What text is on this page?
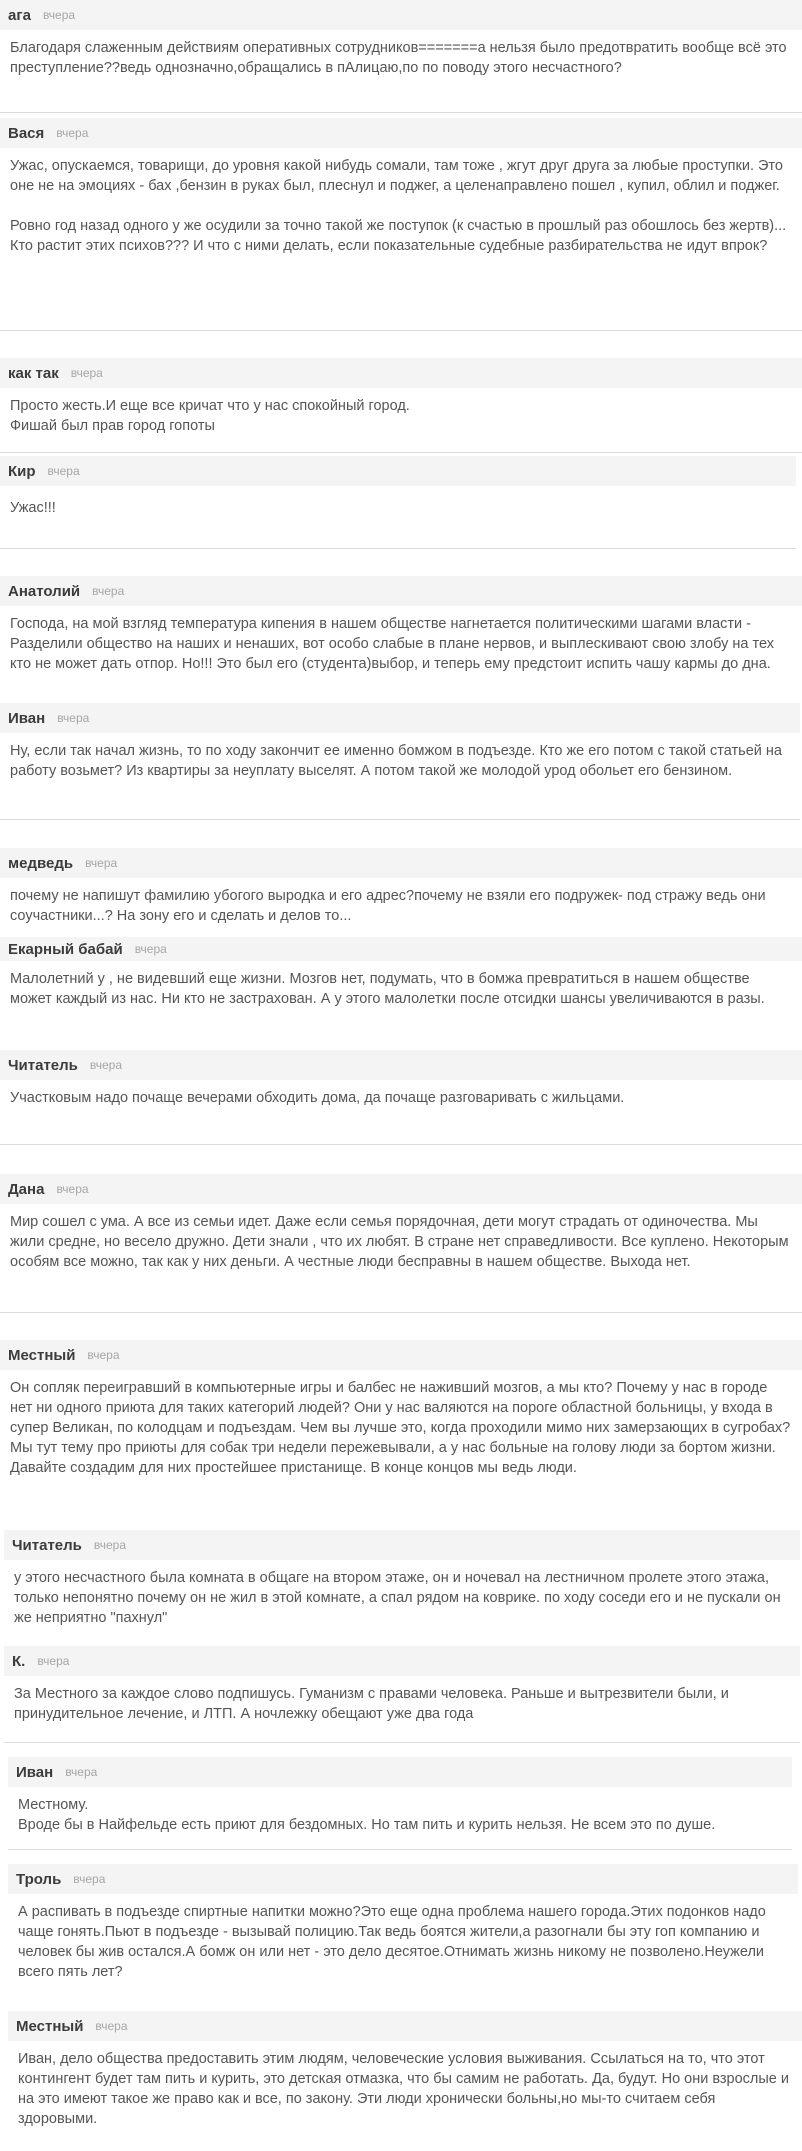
ага вчера
Благодаря слаженным действиям оперативных сотрудников=======а нельзя было предотвратить вообще всё это преступление??ведь однозначно,обращались в пАлицаю,по по поводу этого несчастного?
Вася вчера
Ужас, опускаемся, товарищи, до уровня какой нибудь сомали, там тоже , жгут друг друга за любые проступки. Это оне не на эмоциях - бах ,бензин в руках был, плеснул и поджег, а целенаправлено пошел , купил, облил и поджег.

Ровно год назад одного у же осудили за точно такой же поступок (к счастью в прошлый раз обошлось без жертв)... Кто растит этих психов??? И что с ними делать, если показательные судебные разбирательства не идут впрок?
как так вчера
Просто жесть.И еще все кричат что у нас спокойный город.
Фишай был прав город гопоты
Кир вчера
Ужас!!!
Анатолий вчера
Господа, на мой взгляд температура кипения в нашем обществе нагнетается политическими шагами власти - Разделили общество на наших и ненаших, вот особо слабые в плане нервов, и выплескивают свою злобу на тех кто не может дать отпор. Но!!! Это был его (студента)выбор, и теперь ему предстоит испить чашу кармы до дна.
Иван вчера
Ну, если так начал жизнь, то по ходу закончит ее именно бомжом в подъезде. Кто же его потом с такой статьей на работу возьмет? Из квартиры за неуплату выселят. А потом такой же молодой урод обольет его бензином.
медведь вчера
почему не напишут фамилию убогого выродка и его адрес?почему не взяли его подружек- под стражу ведь они соучастники...? На зону его и сделать и делов то...
Екарный бабай вчера
Малолетний у , не видевший еще жизни. Мозгов нет, подумать, что в бомжа превратиться в нашем обществе может каждый из нас. Ни кто не застрахован. А у этого малолетки после отсидки шансы увеличиваются в разы.
Читатель вчера
Участковым надо почаще вечерами обходить дома, да почаще разговаривать с жильцами.
Дана вчера
Мир сошел с ума. А все из семьи идет. Даже если семья порядочная, дети могут страдать от одиночества. Мы жили средне, но весело дружно. Дети знали , что их любят. В стране нет справедливости. Все куплено. Некоторым особям все можно, так как у них деньги. А честные люди бесправны в нашем обществе. Выхода нет.
Местный вчера
Он сопляк переигравший в компьютерные игры и балбес не наживший мозгов, а мы кто? Почему у нас в городе нет ни одного приюта для таких категорий людей? Они у нас валяются на пороге областной больницы, у входа в супер Великан, по колодцам и подъездам. Чем вы лучше это, когда проходили мимо них замерзающих в сугробах?
Мы тут тему про приюты для собак три недели пережевывали, а у нас больные на голову люди за бортом жизни. Давайте создадим для них простейшее пристанище. В конце концов мы ведь люди.
Читатель вчера
у этого несчастного была комната в общаге на втором этаже, он и ночевал на лестничном пролете этого этажа, только непонятно почему он не жил в этой комнате, а спал рядом на коврике. по ходу соседи его и не пускали он же неприятно "пахнул"
К. вчера
За Местного за каждое слово подпишусь. Гуманизм с правами человека. Раньше и вытрезвители были, и принудительное лечение, и ЛТП. А ночлежку обещают уже два года
Иван вчера
Местному.
Вроде бы в Найфельде есть приют для бездомных. Но там пить и курить нельзя. Не всем это по душе.
Троль вчера
А распивать в подъезде спиртные напитки можно?Это еще одна проблема нашего города.Этих подонков надо чаще гонять.Пьют в подъезде - вызывай полицию.Так ведь боятся жители,а разогнали бы эту гоп компанию и человек бы жив остался.А бомж он или нет - это дело десятое.Отнимать жизнь никому не позволено.Неужели всего пять лет?
Местный вчера
Иван, дело общества предоставить этим людям, человеческие условия выживания. Ссылаться на то, что этот контингент будет там пить и курить, это детская отмазка, что бы самим не работать. Да, будут. Но они взрослые и на это имеют такое же право как и все, по закону. Эти люди хронически больны,но мы-то считаем себя здоровыми.
